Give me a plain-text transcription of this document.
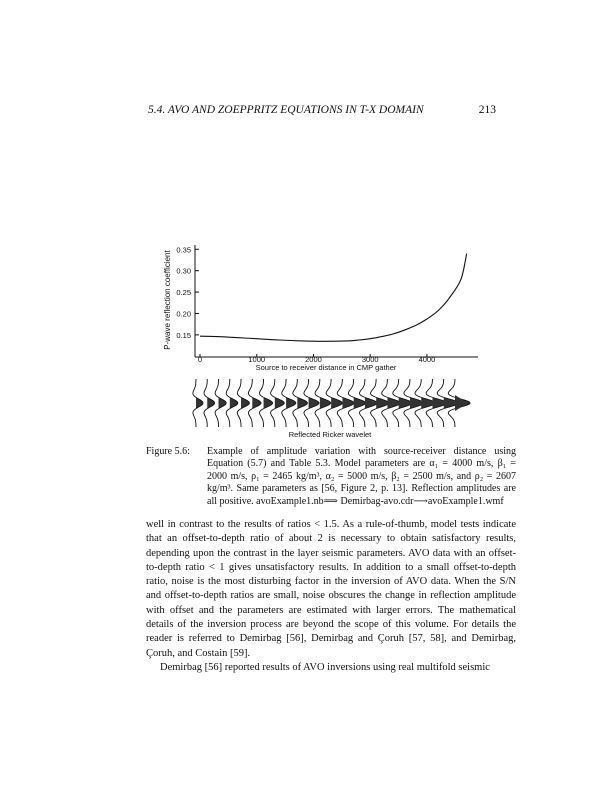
5.4. AVO AND ZOEPPRITZ EQUATIONS IN T-X DOMAIN	213
0.15
0.20
0.25
0.30
0.35
0	1000	2000	3000	4000
P-wave reflection coefficient
Source to receiver distance in CMP gather
Reflected Ricker wavelet
Figure 5.6: Example of amplitude variation with source-receiver distance using Equation (5.7) and Table 5.3. Model parameters are α₁ = 4000 m/s, β₁ = 2000 m/s, ρ₁ = 2465 kg/m³, α₂ = 5000 m/s, β₂ = 2500 m/s, and ρ₂ = 2607 kg/m³. Same parameters as [56, Figure 2, p. 13]. Reflection amplitudes are all positive. avoExample1.nb⟹ Demirbag-avo.cdr⟶avoExample1.wmf

well in contrast to the results of ratios < 1.5. As a rule-of-thumb, model tests indicate that an offset-to-depth ratio of about 2 is necessary to obtain satisfactory results, depending upon the contrast in the layer seismic parameters. AVO data with an offset-to-depth ratio < 1 gives unsatisfactory results. In addition to a small offset-to-depth ratio, noise is the most disturbing factor in the inversion of AVO data. When the S/N and offset-to-depth ratios are small, noise obscures the change in reflection amplitude with offset and the parameters are estimated with larger errors. The mathematical details of the inversion process are beyond the scope of this volume. For details the reader is referred to Demirbag [56], Demirbag and Çoruh [57, 58], and Demirbag, Çoruh, and Costain [59].

Demirbag [56] reported results of AVO inversions using real multifold seismic
